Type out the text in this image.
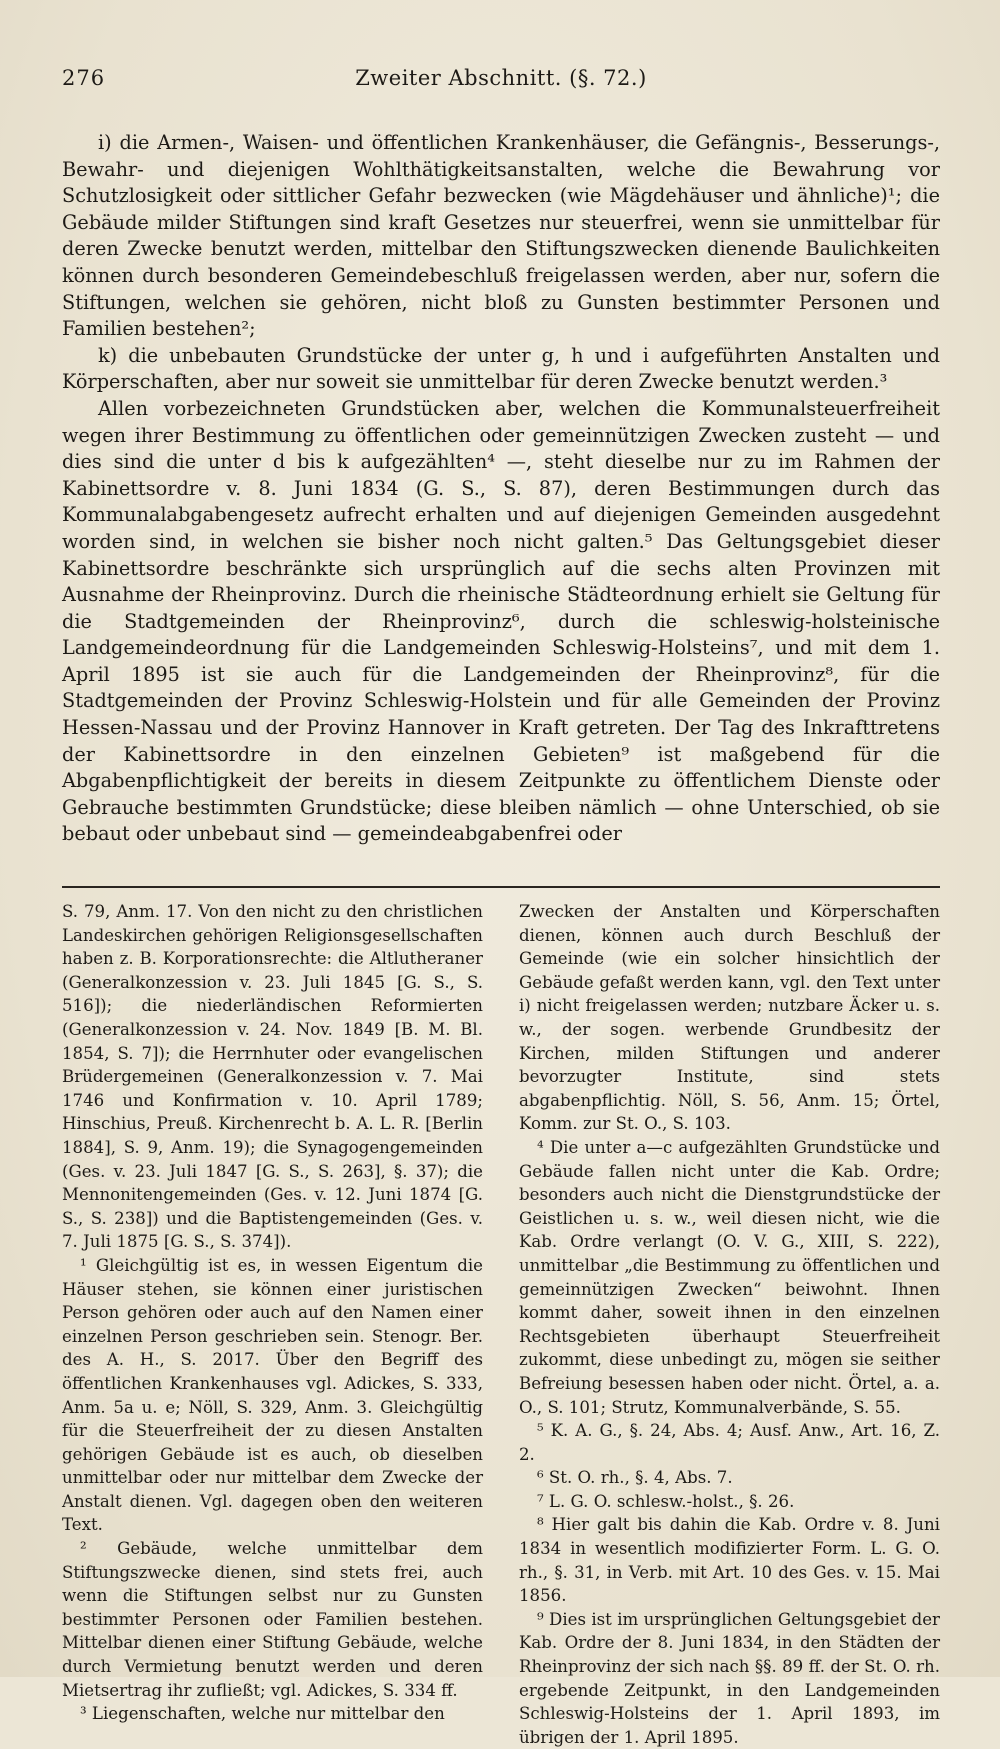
276	Zweiter Abschnitt. (§. 72.)

i) die Armen-, Waisen- und öffentlichen Krankenhäuser, die Gefängnis-, Besserungs-, Bewahr- und diejenigen Wohlthätigkeitsanstalten, welche die Bewahrung vor Schutzlosigkeit oder sittlicher Gefahr bezwecken (wie Mägdehäuser und ähnliche)¹; die Gebäude milder Stiftungen sind kraft Gesetzes nur steuerfrei, wenn sie unmittelbar für deren Zwecke benutzt werden, mittelbar den Stiftungszwecken dienende Baulichkeiten können durch besonderen Gemeindebeschluß freigelassen werden, aber nur, sofern die Stiftungen, welchen sie gehören, nicht bloß zu Gunsten bestimmter Personen und Familien bestehen²;

k) die unbebauten Grundstücke der unter g, h und i aufgeführten Anstalten und Körperschaften, aber nur soweit sie unmittelbar für deren Zwecke benutzt werden.³

Allen vorbezeichneten Grundstücken aber, welchen die Kommunalsteuerfreiheit wegen ihrer Bestimmung zu öffentlichen oder gemeinnützigen Zwecken zusteht — und dies sind die unter d bis k aufgezählten⁴ —, steht dieselbe nur zu im Rahmen der Kabinettsordre v. 8. Juni 1834 (G. S., S. 87), deren Bestimmungen durch das Kommunalabgabengesetz aufrecht erhalten und auf diejenigen Gemeinden ausgedehnt worden sind, in welchen sie bisher noch nicht galten.⁵ Das Geltungsgebiet dieser Kabinettsordre beschränkte sich ursprünglich auf die sechs alten Provinzen mit Ausnahme der Rheinprovinz. Durch die rheinische Städteordnung erhielt sie Geltung für die Stadtgemeinden der Rheinprovinz⁶, durch die schleswig-holsteinische Landgemeindeordnung für die Landgemeinden Schleswig-Holsteins⁷, und mit dem 1. April 1895 ist sie auch für die Landgemeinden der Rheinprovinz⁸, für die Stadtgemeinden der Provinz Schleswig-Holstein und für alle Gemeinden der Provinz Hessen-Nassau und der Provinz Hannover in Kraft getreten. Der Tag des Inkrafttretens der Kabinettsordre in den einzelnen Gebieten⁹ ist maßgebend für die Abgabenpflichtigkeit der bereits in diesem Zeitpunkte zu öffentlichem Dienste oder Gebrauche bestimmten Grundstücke; diese bleiben nämlich — ohne Unterschied, ob sie bebaut oder unbebaut sind — gemeindeabgabenfrei oder

S. 79, Anm. 17. Von den nicht zu den christlichen Landeskirchen gehörigen Religionsgesellschaften haben z. B. Korporationsrechte: die Altlutheraner (Generalkonzession v. 23. Juli 1845 [G. S., S. 516]); die niederländischen Reformierten (Generalkonzession v. 24. Nov. 1849 [B. M. Bl. 1854, S. 7]); die Herrnhuter oder evangelischen Brüdergemeinen (Generalkonzession v. 7. Mai 1746 und Konfirmation v. 10. April 1789; Hinschius, Preuß. Kirchenrecht b. A. L. R. [Berlin 1884], S. 9, Anm. 19); die Synagogengemeinden (Ges. v. 23. Juli 1847 [G. S., S. 263], §. 37); die Mennonitengemeinden (Ges. v. 12. Juni 1874 [G. S., S. 238]) und die Baptistengemeinden (Ges. v. 7. Juli 1875 [G. S., S. 374]).

¹ Gleichgültig ist es, in wessen Eigentum die Häuser stehen, sie können einer juristischen Person gehören oder auch auf den Namen einer einzelnen Person geschrieben sein. Stenogr. Ber. des A. H., S. 2017. Über den Begriff des öffentlichen Krankenhauses vgl. Adickes, S. 333, Anm. 5a u. e; Nöll, S. 329, Anm. 3. Gleichgültig für die Steuerfreiheit der zu diesen Anstalten gehörigen Gebäude ist es auch, ob dieselben unmittelbar oder nur mittelbar dem Zwecke der Anstalt dienen. Vgl. dagegen oben den weiteren Text.

² Gebäude, welche unmittelbar dem Stiftungszwecke dienen, sind stets frei, auch wenn die Stiftungen selbst nur zu Gunsten bestimmter Personen oder Familien bestehen. Mittelbar dienen einer Stiftung Gebäude, welche durch Vermietung benutzt werden und deren Mietsertrag ihr zufließt; vgl. Adickes, S. 334 ff.

³ Liegenschaften, welche nur mittelbar den

Zwecken der Anstalten und Körperschaften dienen, können auch durch Beschluß der Gemeinde (wie ein solcher hinsichtlich der Gebäude gefaßt werden kann, vgl. den Text unter i) nicht freigelassen werden; nutzbare Äcker u. s. w., der sogen. werbende Grundbesitz der Kirchen, milden Stiftungen und anderer bevorzugter Institute, sind stets abgabenpflichtig. Nöll, S. 56, Anm. 15; Örtel, Komm. zur St. O., S. 103.

⁴ Die unter a—c aufgezählten Grundstücke und Gebäude fallen nicht unter die Kab. Ordre; besonders auch nicht die Dienstgrundstücke der Geistlichen u. s. w., weil diesen nicht, wie die Kab. Ordre verlangt (O. V. G., XIII, S. 222), unmittelbar „die Bestimmung zu öffentlichen und gemeinnützigen Zwecken“ beiwohnt. Ihnen kommt daher, soweit ihnen in den einzelnen Rechtsgebieten überhaupt Steuerfreiheit zukommt, diese unbedingt zu, mögen sie seither Befreiung besessen haben oder nicht. Örtel, a. a. O., S. 101; Strutz, Kommunalverbände, S. 55.

⁵ K. A. G., §. 24, Abs. 4; Ausf. Anw., Art. 16, Z. 2.

⁶ St. O. rh., §. 4, Abs. 7.

⁷ L. G. O. schlesw.-holst., §. 26.

⁸ Hier galt bis dahin die Kab. Ordre v. 8. Juni 1834 in wesentlich modifizierter Form. L. G. O. rh., §. 31, in Verb. mit Art. 10 des Ges. v. 15. Mai 1856.

⁹ Dies ist im ursprünglichen Geltungsgebiet der Kab. Ordre der 8. Juni 1834, in den Städten der Rheinprovinz der sich nach §§. 89 ff. der St. O. rh. ergebende Zeitpunkt, in den Landgemeinden Schleswig-Holsteins der 1. April 1893, im übrigen der 1. April 1895.
